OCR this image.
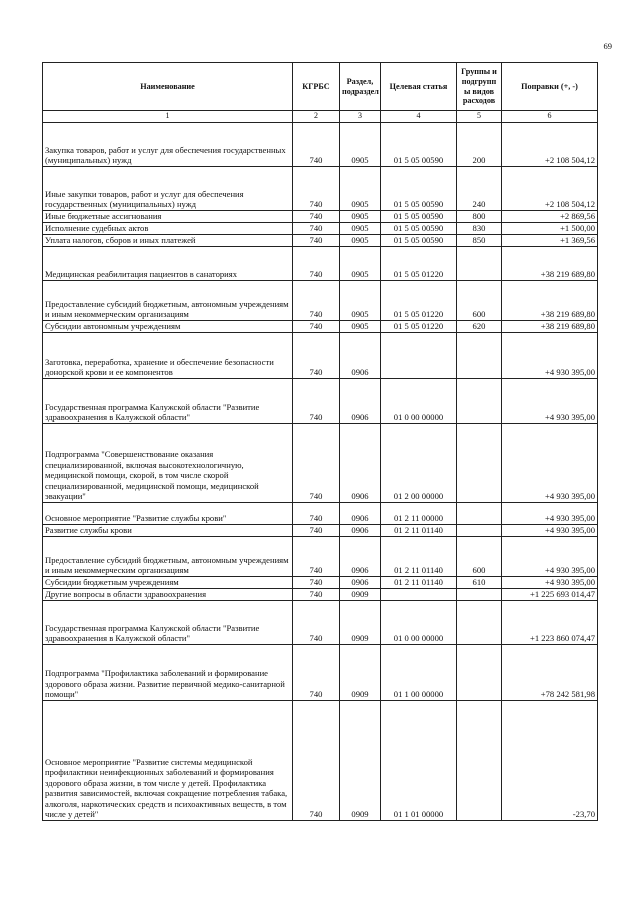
69
Наименование	КГРБС	Раздел, подраздел	Целевая статья	Группы и подгрупп ы видов расходов	Поправки (+, -)
1	2	3	4	5	6
Закупка товаров, работ и услуг для обеспечения государственных (муниципальных) нужд	740	0905	01 5 05 00590	200	+2 108 504,12
Иные закупки товаров, работ и услуг для обеспечения государственных (муниципальных) нужд	740	0905	01 5 05 00590	240	+2 108 504,12
Иные бюджетные ассигнования	740	0905	01 5 05 00590	800	+2 869,56
Исполнение судебных актов	740	0905	01 5 05 00590	830	+1 500,00
Уплата налогов, сборов и иных платежей	740	0905	01 5 05 00590	850	+1 369,56
Медицинская реабилитация пациентов в санаториях	740	0905	01 5 05 01220		+38 219 689,80
Предоставление субсидий бюджетным, автономным учреждениям и иным некоммерческим организациям	740	0905	01 5 05 01220	600	+38 219 689,80
Субсидии автономным учреждениям	740	0905	01 5 05 01220	620	+38 219 689,80
Заготовка, переработка, хранение и обеспечение безопасности донорской крови и ее компонентов	740	0906			+4 930 395,00
Государственная программа Калужской области "Развитие здравоохранения в Калужской области"	740	0906	01 0 00 00000		+4 930 395,00
Подпрограмма "Совершенствование оказания специализированной, включая высокотехнологичную, медицинской помощи, скорой, в том числе скорой специализированной, медицинской помощи, медицинской эвакуации"	740	0906	01 2 00 00000		+4 930 395,00
Основное мероприятие "Развитие службы крови"	740	0906	01 2 11 00000		+4 930 395,00
Развитие службы крови	740	0906	01 2 11 01140		+4 930 395,00
Предоставление субсидий бюджетным, автономным учреждениям и иным некоммерческим организациям	740	0906	01 2 11 01140	600	+4 930 395,00
Субсидии бюджетным учреждениям	740	0906	01 2 11 01140	610	+4 930 395,00
Другие вопросы в области здравоохранения	740	0909			+1 225 693 014,47
Государственная программа Калужской области "Развитие здравоохранения в Калужской области"	740	0909	01 0 00 00000		+1 223 860 074,47
Подпрограмма "Профилактика заболеваний и формирование здорового образа жизни. Развитие первичной медико-санитарной помощи"	740	0909	01 1 00 00000		+78 242 581,98
Основное мероприятие "Развитие системы медицинской профилактики неинфекционных заболеваний и формирования здорового образа жизни, в том числе у детей. Профилактика развития зависимостей, включая сокращение потребления табака, алкоголя, наркотических средств и психоактивных веществ, в том числе у детей"	740	0909	01 1 01 00000		-23,70
